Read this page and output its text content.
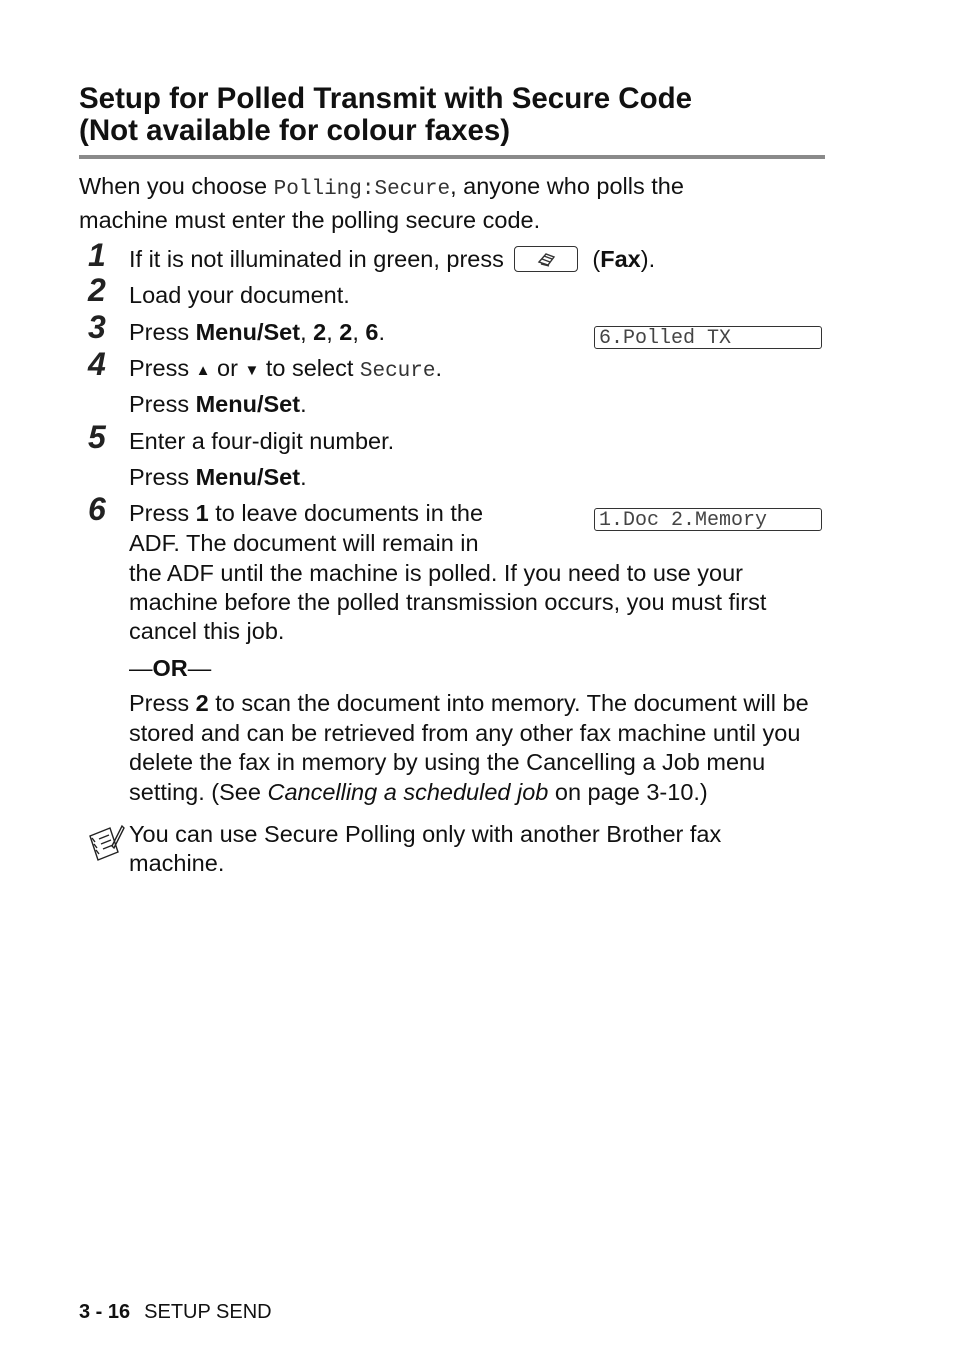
Setup for Polled Transmit with Secure Code
(Not available for colour faxes)
When you choose Polling:Secure, anyone who polls the
machine must enter the polling secure code.
1 If it is not illuminated in green, press	(Fax).
2 Load your document.
3 Press Menu/Set, 2, 2, 6.	6.Polled TX
4 Press ▲ or ▼ to select Secure.
Press Menu/Set.
5 Enter a four-digit number.
Press Menu/Set.
6 Press 1 to leave documents in the	1.Doc 2.Memory
ADF. The document will remain in
the ADF until the machine is polled. If you need to use your
machine before the polled transmission occurs, you must first
cancel this job.
—OR—
Press 2 to scan the document into memory. The document will be stored and can be retrieved from any other fax machine until you delete the fax in memory by using the Cancelling a Job menu setting. (See Cancelling a scheduled job on page 3-10.)
You can use Secure Polling only with another Brother fax
machine.
3 - 16 SETUP SEND
